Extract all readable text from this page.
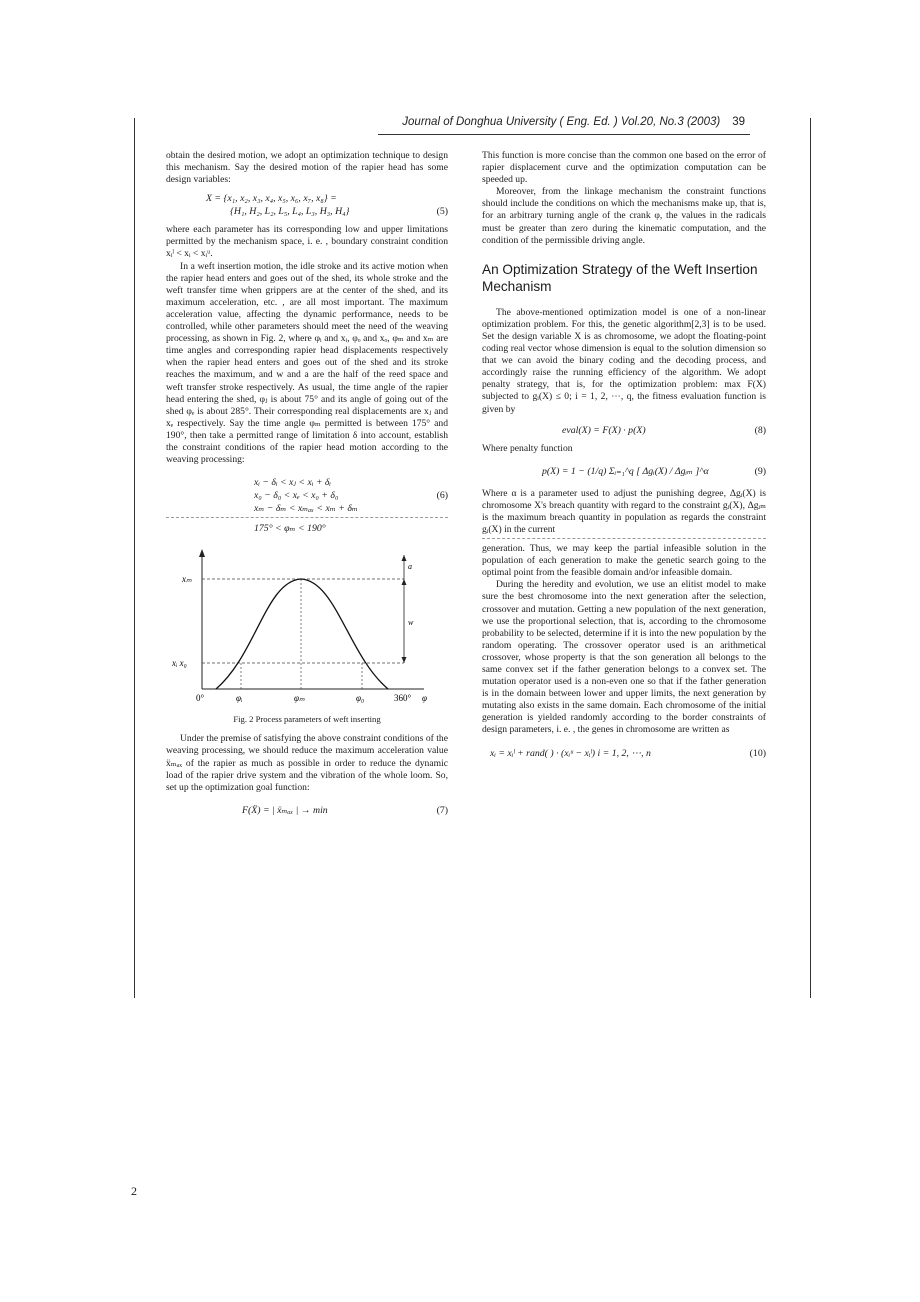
Journal of Donghua University ( Eng. Ed. ) Vol.20, No.3 (2003) 39

obtain the desired motion, we adopt an optimization technique to design this mechanism. Say the desired motion of the rapier head has some design variables:

X = {x₁, x₂, x₃, x₄, x₅, x₆, x₇, x₈} =
{H₁, H₂, L₂, L₅, L₄, L₃, H₃, H₄}	(5)

where each parameter has its corresponding low and upper limitations permitted by the mechanism space, i. e. , boundary constraint condition xᵢˡ < xᵢ < xᵢᵘ.

In a weft insertion motion, the idle stroke and its active motion when the rapier head enters and goes out of the shed, its whole stroke and the weft transfer time when grippers are at the center of the shed, and its maximum acceleration, etc. , are all most important. The maximum acceleration value, affecting the dynamic performance, needs to be controlled, while other parameters should meet the need of the weaving processing, as shown in Fig. 2, where φᵢ and xᵢ, φₒ and xₒ, φₘ and xₘ are time angles and corresponding rapier head displacements respectively when the rapier head enters and goes out of the shed and its stroke reaches the maximum, and w and a are the half of the reed space and weft transfer stroke respectively. As usual, the time angle of the rapier head entering the shed, φⱼ is about 75° and its angle of going out of the shed φₑ is about 285°. Their corresponding real displacements are xⱼ and xₑ respectively. Say the time angle φₘ permitted is between 175° and 190°, then take a permitted range of limitation δ into account, establish the constraint conditions of the rapier head motion according to the weaving processing:

xᵢ − δᵢ < xⱼ < xᵢ + δᵢ
x₀ − δ₀ < xₑ < x₀ + δ₀
xₘ − δₘ < xₘₐₓ < xₘ + δₘ
175° < φₘ < 190°
(6)
xₘ
xᵢ x₀
0°	φᵢ	φₘ	φ₀	360° φ
a
w
Fig. 2 Process parameters of weft inserting

Under the premise of satisfying the above constraint conditions of the weaving processing, we should reduce the maximum acceleration value ẍₘₐₓ of the rapier as much as possible in order to reduce the dynamic load of the rapier drive system and the vibration of the whole loom. So, set up the optimization goal function:

F(Ẍ) = | ẍₘₐₓ | → min	(7)

This function is more concise than the common one based on the error of rapier displacement curve and the optimization computation can be speeded up.

Moreover, from the linkage mechanism the constraint functions should include the conditions on which the mechanisms make up, that is, for an arbitrary turning angle of the crank φ, the values in the radicals must be greater than zero during the kinematic computation, and the condition of the permissible driving angle.

An Optimization Strategy of the Weft Insertion Mechanism

The above-mentioned optimization model is one of a non-linear optimization problem. For this, the genetic algorithm[2,3] is to be used. Set the design variable X is as chromosome, we adopt the floating-point coding real vector whose dimension is equal to the solution dimension so that we can avoid the binary coding and the decoding process, and accordingly raise the running efficiency of the algorithm. We adopt penalty strategy, that is, for the optimization problem: max F(X) subjected to gᵢ(X) ≤ 0; i = 1, 2, ⋯, q, the fitness evaluation function is given by

eval(X) = F(X) · p(X)	(8)

Where penalty function

p(X) = 1 − (1/q) Σᵢ₌₁^q [ Δgᵢ(X) / Δgᵢₘ ]^α	(9)

Where α is a parameter used to adjust the punishing degree, Δgᵢ(X) is chromosome X's breach quantity with regard to the constraint gᵢ(X), Δgᵢₘ is the maximum breach quantity in population as regards the constraint gᵢ(X) in the current

generation. Thus, we may keep the partial infeasible solution in the population of each generation to make the genetic search going to the optimal point from the feasible domain and/or infeasible domain.

During the heredity and evolution, we use an elitist model to make sure the best chromosome into the next generation after the selection, crossover and mutation. Getting a new population of the next generation, we use the proportional selection, that is, according to the chromosome probability to be selected, determine if it is into the new population by the random operating. The crossover operator used is an arithmetical crossover, whose property is that the son generation all belongs to the same convex set if the father generation belongs to a convex set. The mutation operator used is a non-even one so that if the father generation is in the domain between lower and upper limits, the next generation by mutating also exists in the same domain. Each chromosome of the initial generation is yielded randomly according to the border constraints of design parameters, i. e. , the genes in chromosome are written as

xᵢ = xᵢˡ + rand( ) · (xᵢᵘ − xᵢˡ) i = 1, 2, ⋯, n	(10)
2
